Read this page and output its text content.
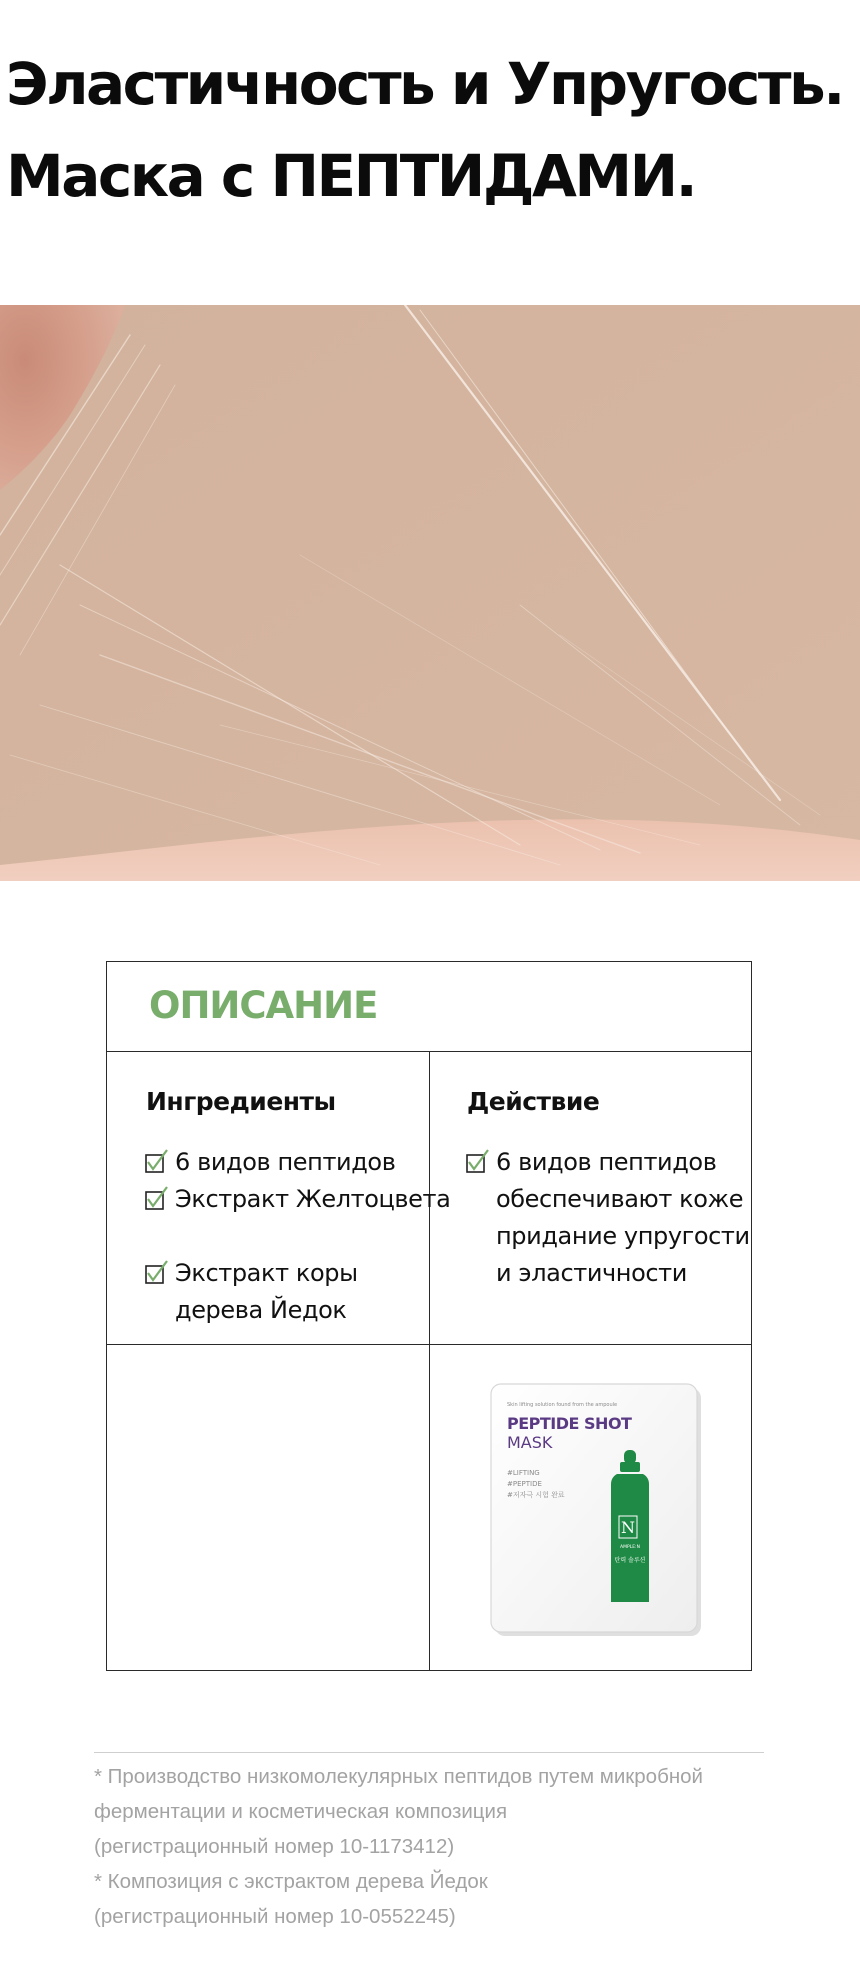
Эластичность и Упругость.
Маска с ПЕПТИДАМИ.
ОПИСАНИЕ
Ингредиенты
6 видов пептидов
Экстракт Желтоцвета
Экстракт коры
дерева Йедок
Действие
6 видов пептидов
обеспечивают коже
придание упругости
и эластичности
Skin lifting solution found from the ampoule
PEPTIDE SHOT
MASK
#LIFTING
#PEPTIDE
#저자극 시험 완료
N
AMPLE:N
탄력 솔루션

* Производство низкомолекулярных пептидов путем микробной

ферментации и косметическая композиция

(регистрационный номер 10-1173412)

* Композиция с экстрактом дерева Йедок

(регистрационный номер 10-0552245)
